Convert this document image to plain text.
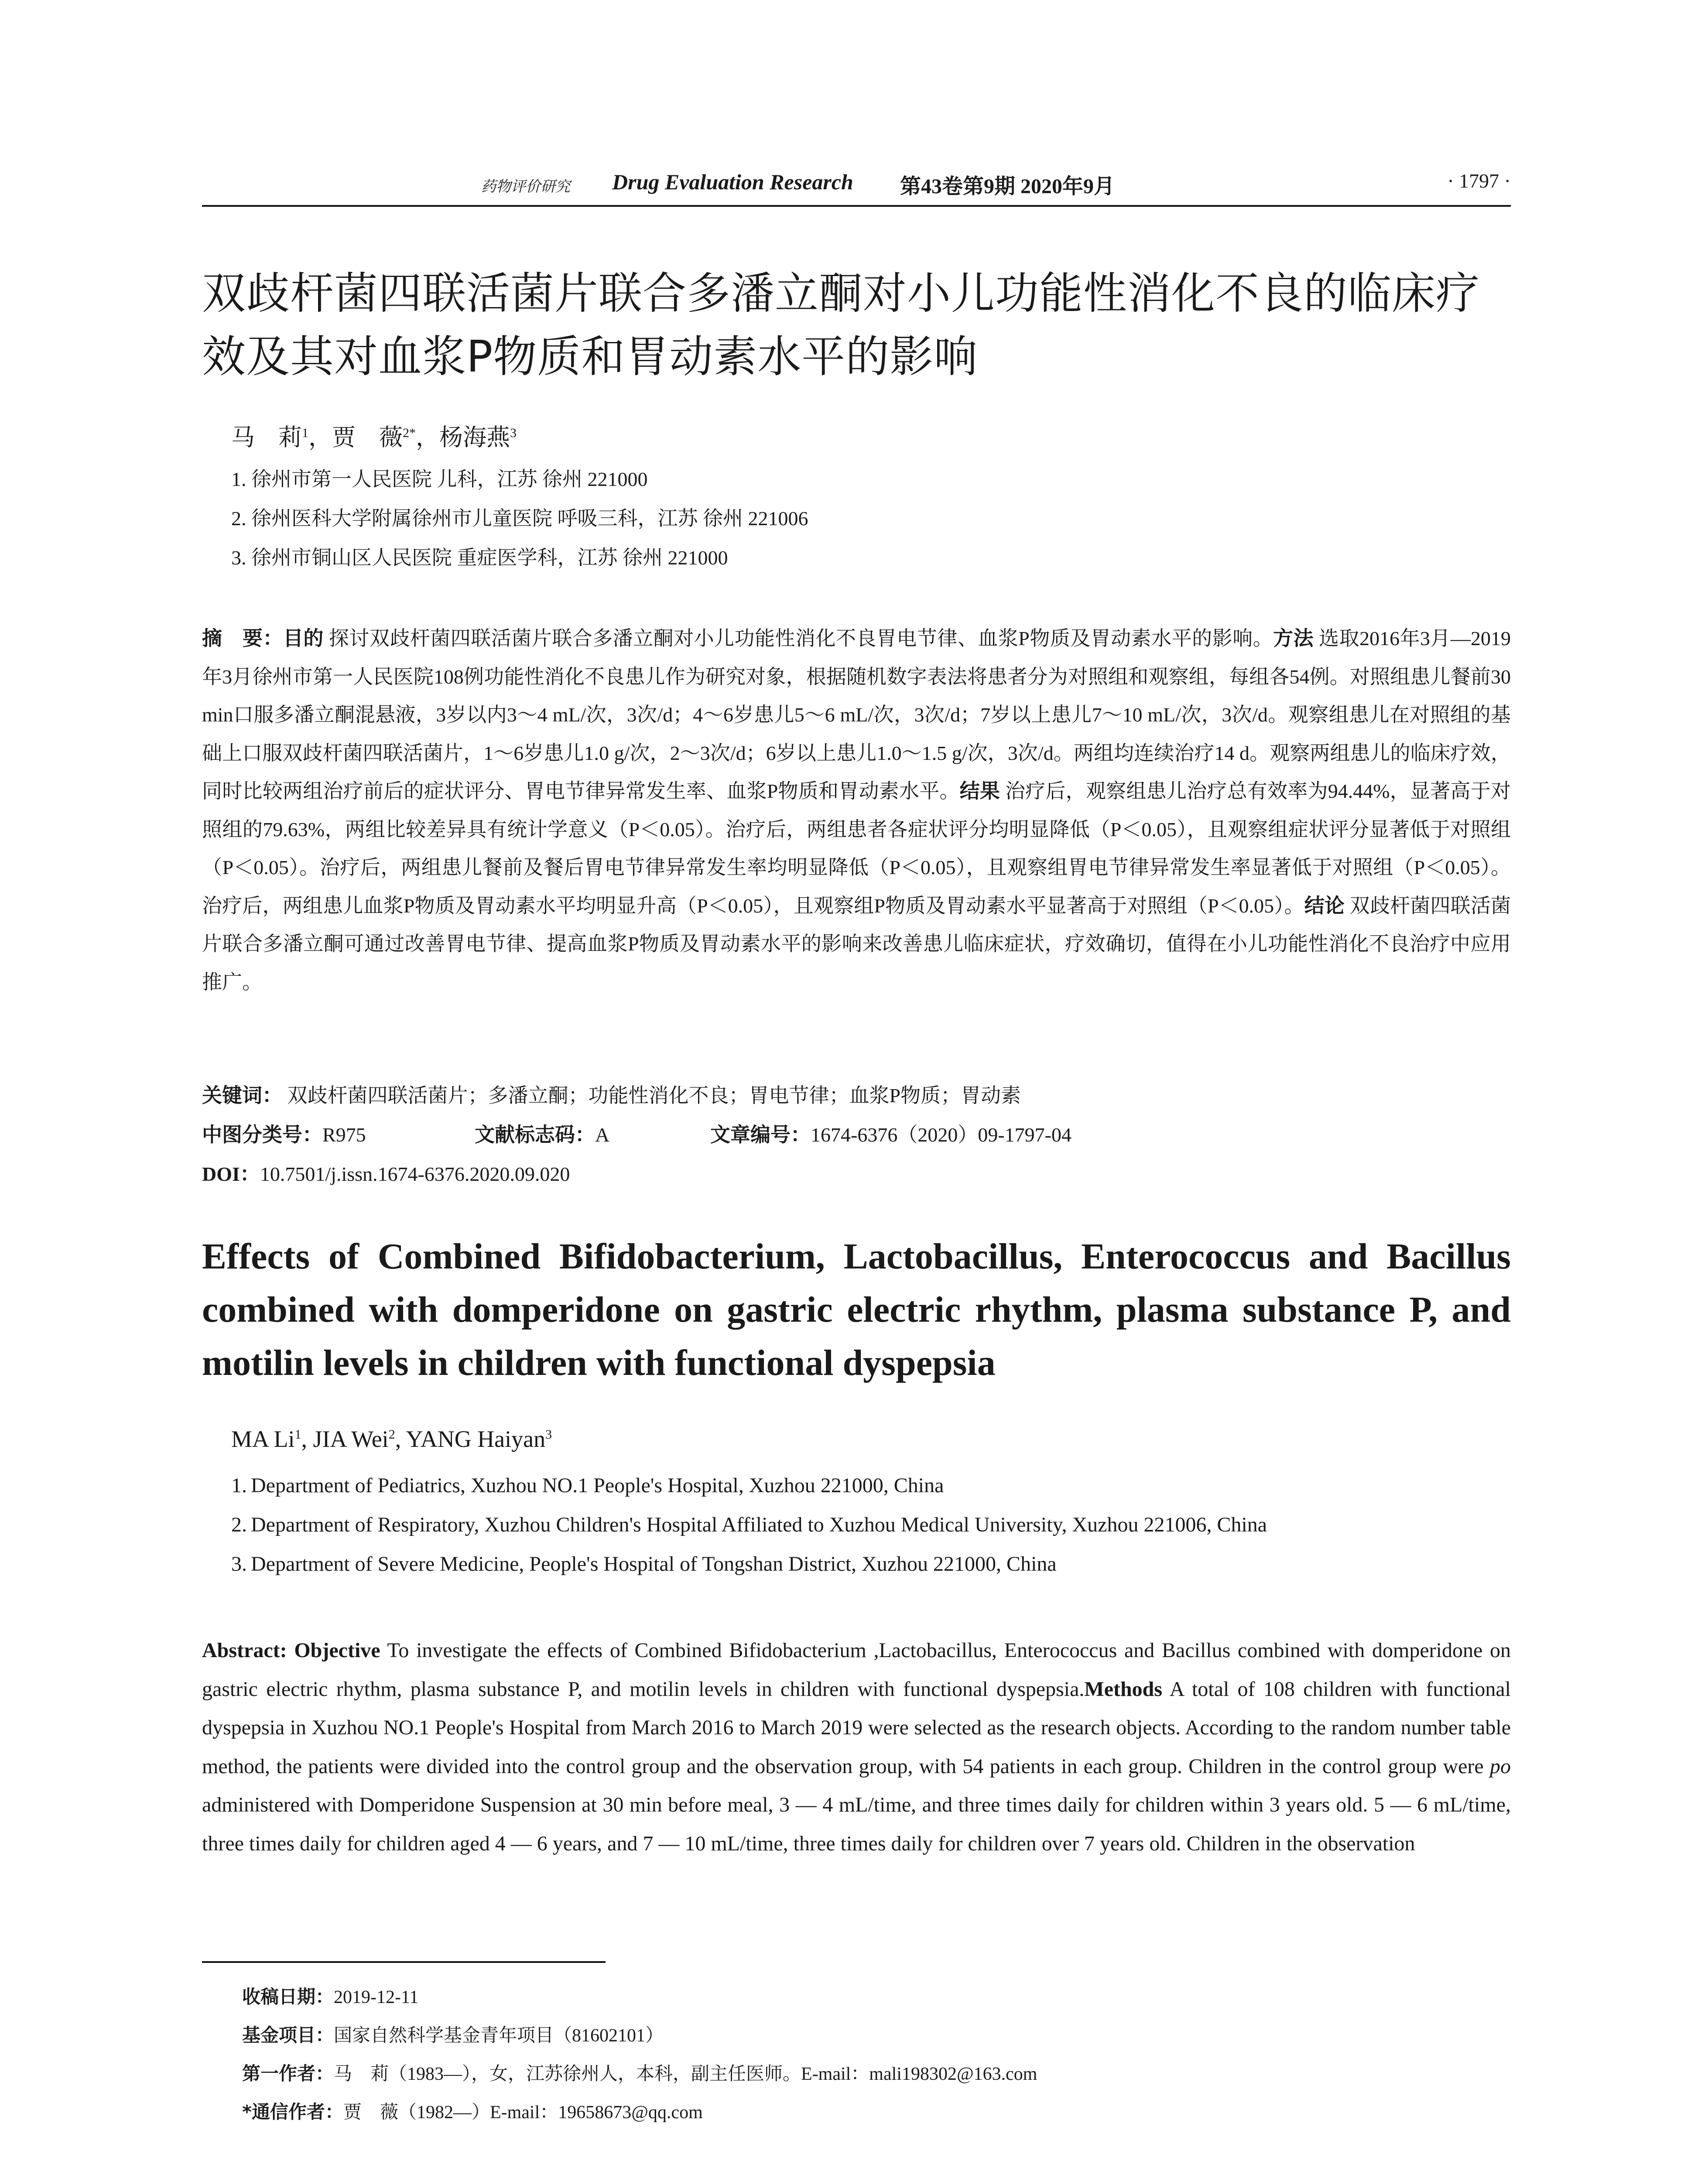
药物评价研究 Drug Evaluation Research 第43卷第9期 2020年9月	· 1797 ·
双歧杆菌四联活菌片联合多潘立酮对小儿功能性消化不良的临床疗效及其对血浆P物质和胃动素水平的影响
马　莉$^1$，贾　薇$^{2*}$，杨海燕$^3$
1. 徐州市第一人民医院 儿科，江苏 徐州 221000
2. 徐州医科大学附属徐州市儿童医院 呼吸三科，江苏 徐州 221006
3. 徐州市铜山区人民医院 重症医学科，江苏 徐州 221000
摘　要：目的 探讨双歧杆菌四联活菌片联合多潘立酮对小儿功能性消化不良胃电节律、血浆P物质及胃动素水平的影响。方法 选取2016年3月—2019年3月徐州市第一人民医院108例功能性消化不良患儿作为研究对象，根据随机数字表法将患者分为对照组和观察组，每组各54例。对照组患儿餐前30 min口服多潘立酮混悬液，3岁以内3～4 mL/次，3次/d；4～6岁患儿5～6 mL/次，3次/d；7岁以上患儿7～10 mL/次，3次/d。观察组患儿在对照组的基础上口服双歧杆菌四联活菌片，1～6岁患儿1.0 g/次，2～3次/d；6岁以上患儿1.0～1.5 g/次，3次/d。两组均连续治疗14 d。观察两组患儿的临床疗效，同时比较两组治疗前后的症状评分、胃电节律异常发生率、血浆P物质和胃动素水平。结果 治疗后，观察组患儿治疗总有效率为94.44%，显著高于对照组的79.63%，两组比较差异具有统计学意义（P＜0.05）。治疗后，两组患者各症状评分均明显降低（P＜0.05），且观察组症状评分显著低于对照组（P＜0.05）。治疗后，两组患儿餐前及餐后胃电节律异常发生率均明显降低（P＜0.05），且观察组胃电节律异常发生率显著低于对照组（P＜0.05）。治疗后，两组患儿血浆P物质及胃动素水平均明显升高（P＜0.05），且观察组P物质及胃动素水平显著高于对照组（P＜0.05）。结论 双歧杆菌四联活菌片联合多潘立酮可通过改善胃电节律、提高血浆P物质及胃动素水平的影响来改善患儿临床症状，疗效确切，值得在小儿功能性消化不良治疗中应用推广。
关键词： 双歧杆菌四联活菌片；多潘立酮；功能性消化不良；胃电节律；血浆P物质；胃动素
中图分类号：R975	文献标志码：A	文章编号：1674-6376（2020）09-1797-04
DOI：10.7501/j.issn.1674-6376.2020.09.020
Effects of Combined Bifidobacterium, Lactobacillus, Enterococcus and Bacillus combined with domperidone on gastric electric rhythm, plasma substance P, and motilin levels in children with functional dyspepsia
MA Li$^1$, JIA Wei$^2$, YANG Haiyan$^3$
1. Department of Pediatrics, Xuzhou NO.1 People's Hospital, Xuzhou 221000, China
2. Department of Respiratory, Xuzhou Children's Hospital Affiliated to Xuzhou Medical University, Xuzhou 221006, China
3. Department of Severe Medicine, People's Hospital of Tongshan District, Xuzhou 221000, China
Abstract: Objective To investigate the effects of Combined Bifidobacterium ,Lactobacillus, Enterococcus and Bacillus combined with domperidone on gastric electric rhythm, plasma substance P, and motilin levels in children with functional dyspepsia.Methods A total of 108 children with functional dyspepsia in Xuzhou NO.1 People's Hospital from March 2016 to March 2019 were selected as the research objects. According to the random number table method, the patients were divided into the control group and the observation group, with 54 patients in each group. Children in the control group were po administered with Domperidone Suspension at 30 min before meal, 3 — 4 mL/time, and three times daily for children within 3 years old. 5 — 6 mL/time, three times daily for children aged 4 — 6 years, and 7 — 10 mL/time, three times daily for children over 7 years old. Children in the observation
收稿日期：2019-12-11
基金项目：国家自然科学基金青年项目（81602101）
第一作者：马　莉（1983—），女，江苏徐州人，本科，副主任医师。E-mail：mali198302@163.com
*通信作者：贾　薇（1982—）E-mail：19658673@qq.com
